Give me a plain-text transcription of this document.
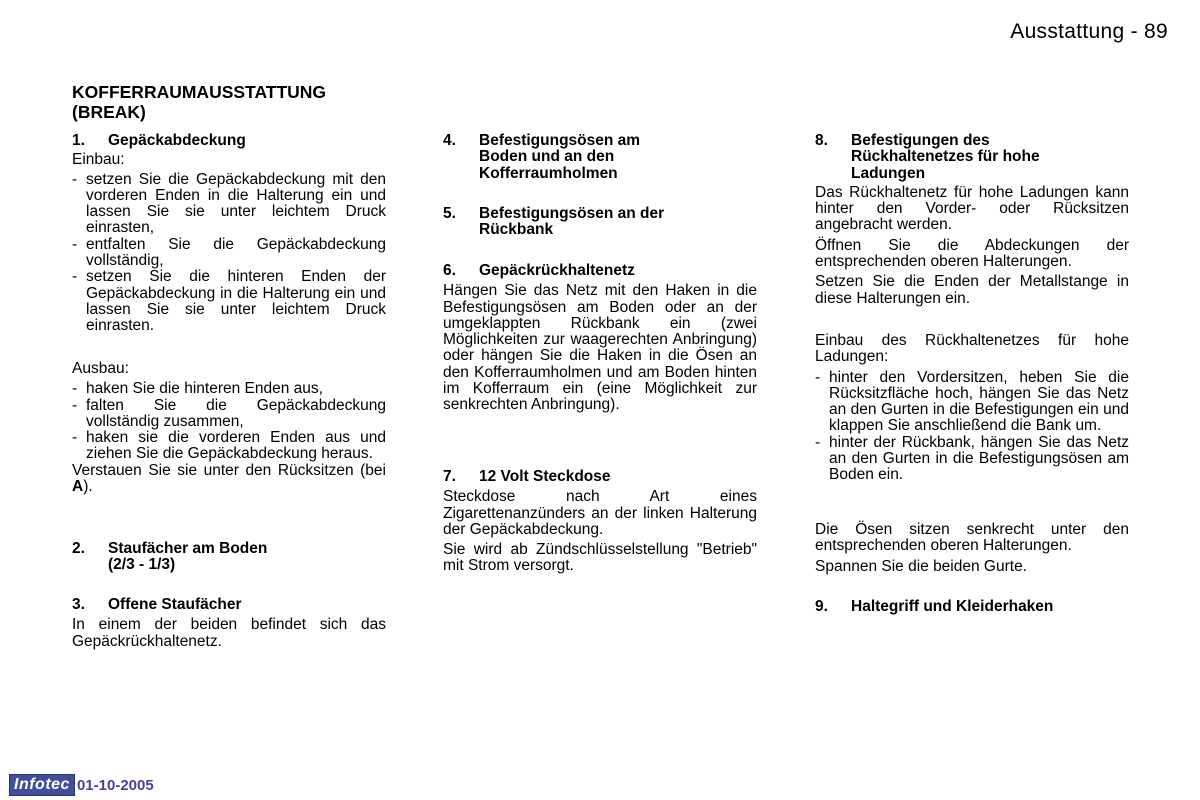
Ausstattung - 89
KOFFERRAUMAUSSTATTUNG
(BREAK)
1.	Gepäckabdeckung
Einbau:
- setzen Sie die Gepäckabdeckung mit den vorderen Enden in die Halterung ein und lassen Sie sie unter leichtem Druck einrasten,
- entfalten Sie die Gepäckabdeckung vollständig,
- setzen Sie die hinteren Enden der Gepäckabdeckung in die Halterung ein und lassen Sie sie unter leichtem Druck einrasten.
Ausbau:
- haken Sie die hinteren Enden aus,
- falten Sie die Gepäckabdeckung vollständig zusammen,
- haken sie die vorderen Enden aus und ziehen Sie die Gepäckabdeckung heraus.
Verstauen Sie sie unter den Rücksitzen (bei A).
2.	Staufächer am Boden
(2/3 - 1/3)
3.	Offene Staufächer
In einem der beiden befindet sich das Gepäckrückhaltenetz.
4.	Befestigungsösen am
Boden und an den
Kofferraumholmen
5.	Befestigungsösen an der
Rückbank
6.	Gepäckrückhaltenetz
Hängen Sie das Netz mit den Haken in die Befestigungsösen am Boden oder an der umgeklappten Rückbank ein (zwei Möglichkeiten zur waagerechten Anbringung) oder hängen Sie die Haken in die Ösen an den Kofferraumholmen und am Boden hinten im Kofferraum ein (eine Möglichkeit zur senkrechten Anbringung).
7.	12 Volt Steckdose
Steckdose nach Art eines Zigarettenanzünders an der linken Halterung der Gepäckabdeckung.
Sie wird ab Zündschlüsselstellung "Betrieb" mit Strom versorgt.
8.	Befestigungen des
Rückhaltenetzes für hohe
Ladungen
Das Rückhaltenetz für hohe Ladungen kann hinter den Vorder- oder Rücksitzen angebracht werden.
Öffnen Sie die Abdeckungen der entsprechenden oberen Halterungen.
Setzen Sie die Enden der Metallstange in diese Halterungen ein.
Einbau des Rückhaltenetzes für hohe Ladungen:
- hinter den Vordersitzen, heben Sie die Rücksitzfläche hoch, hängen Sie das Netz an den Gurten in die Befestigungen ein und klappen Sie anschließend die Bank um.
- hinter der Rückbank, hängen Sie das Netz an den Gurten in die Befestigungsösen am Boden ein.
Die Ösen sitzen senkrecht unter den entsprechenden oberen Halterungen.
Spannen Sie die beiden Gurte.
9.	Haltegriff und Kleiderhaken
Infotec 01-10-2005
